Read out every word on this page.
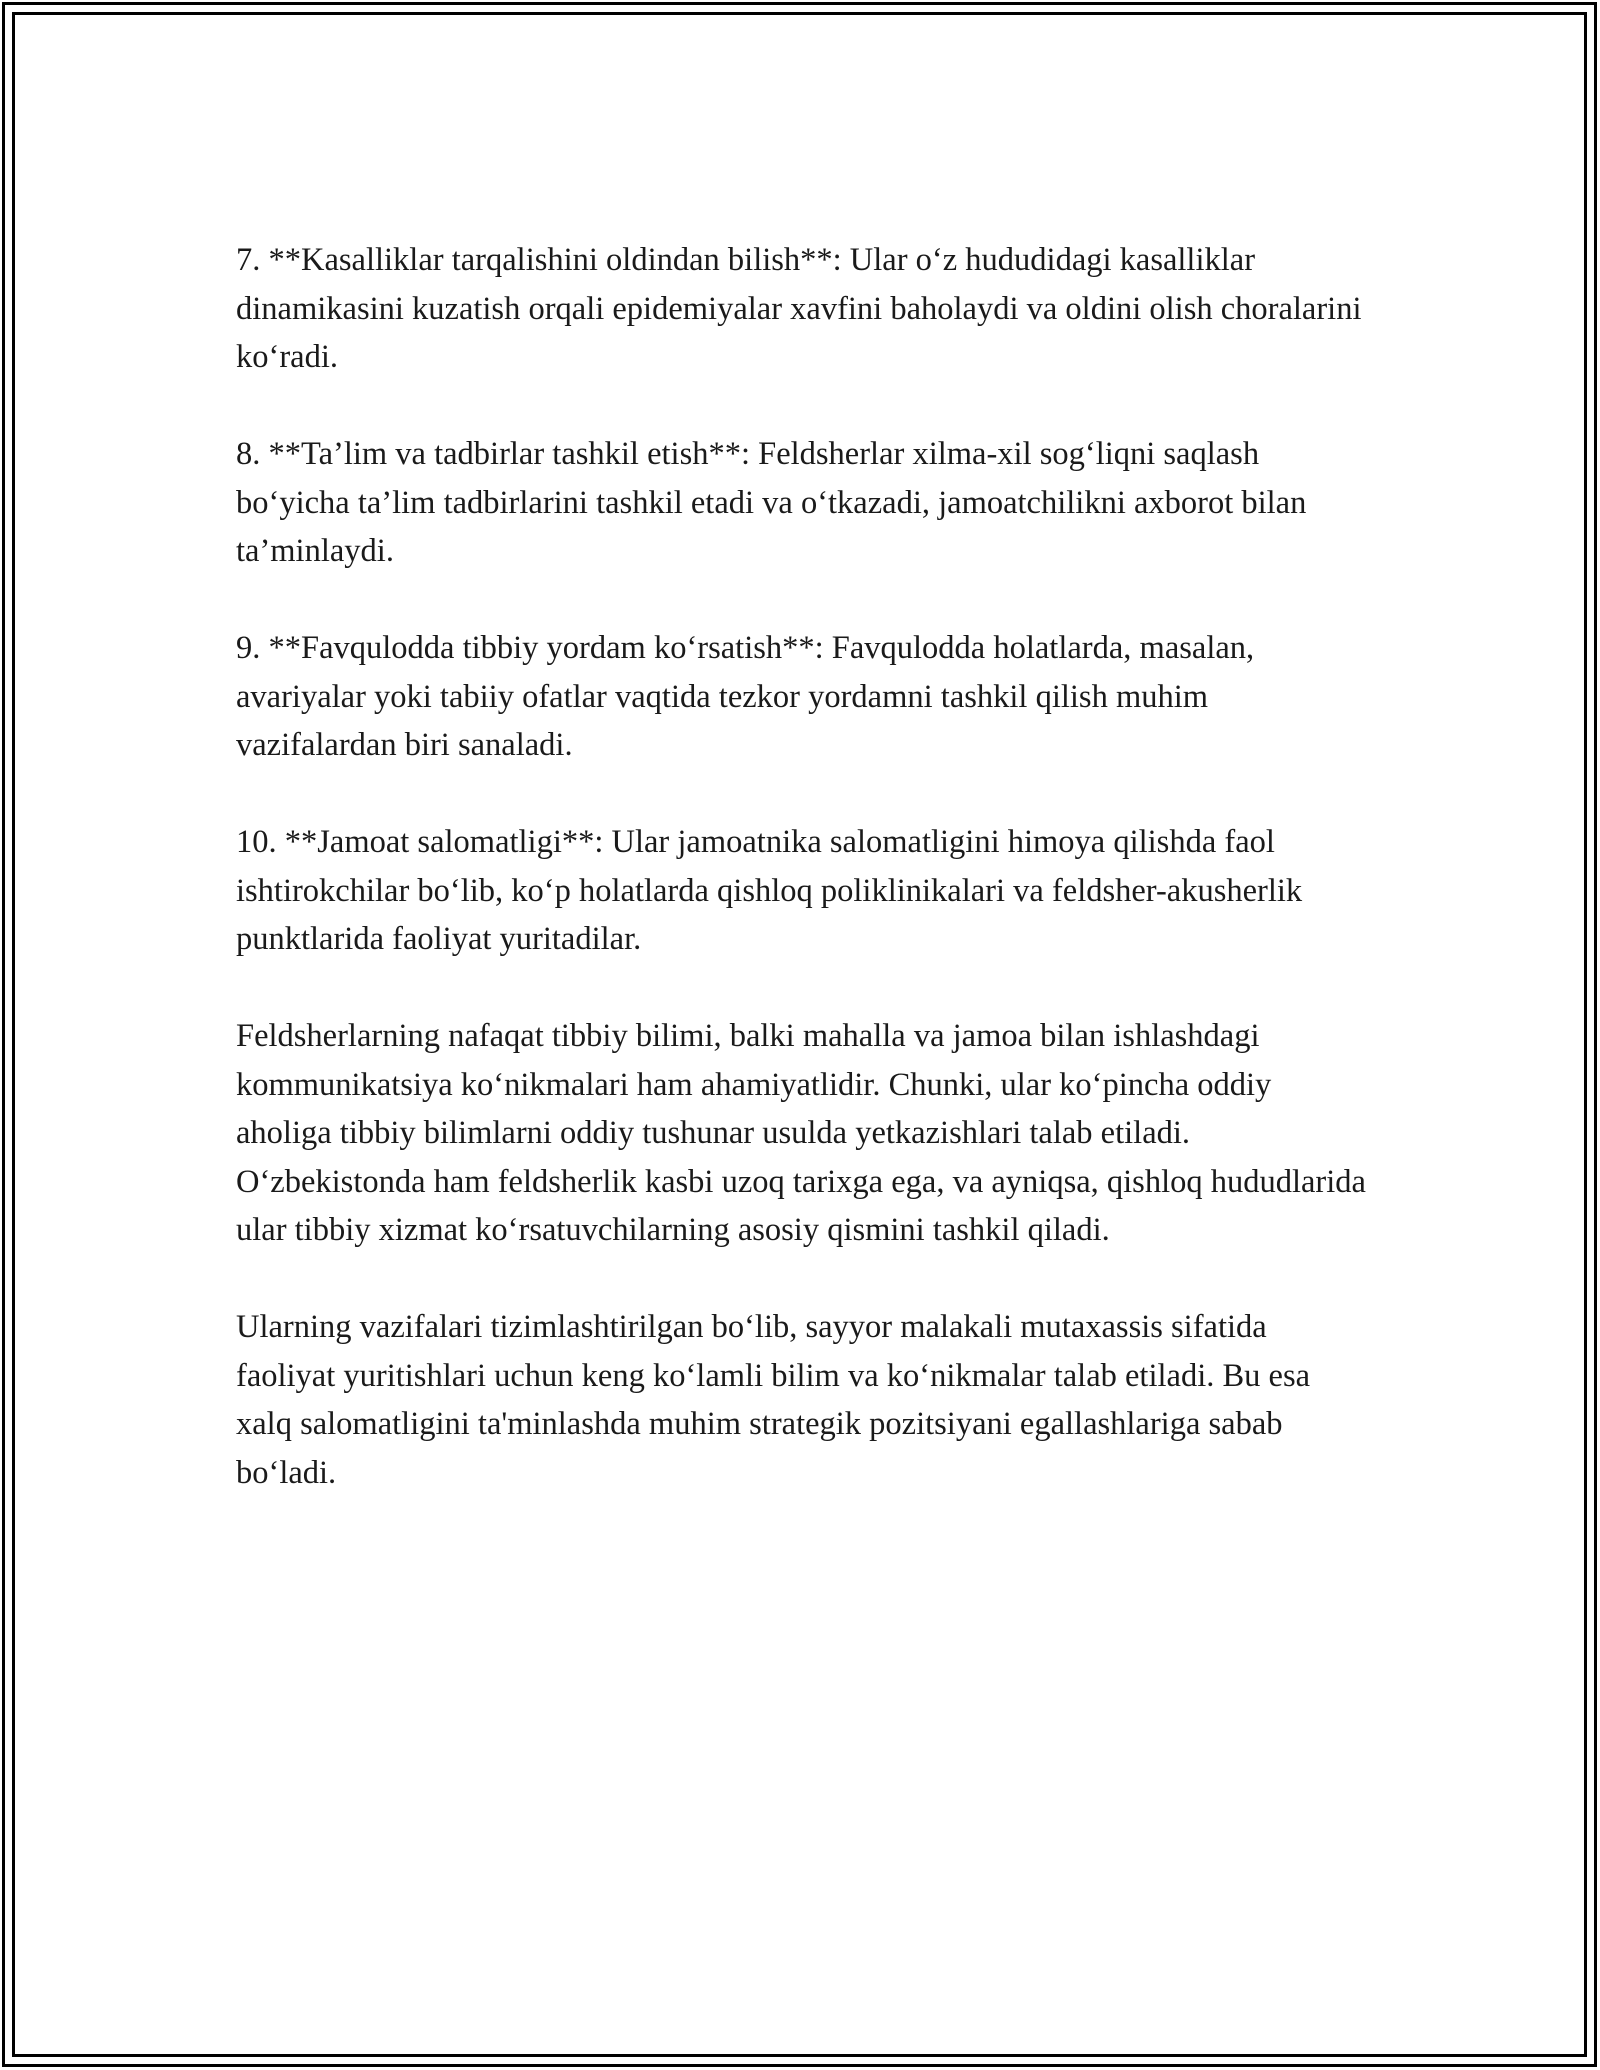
7. **Kasalliklar tarqalishini oldindan bilish**: Ular o‘z hududidagi kasalliklar dinamikasini kuzatish orqali epidemiyalar xavfini baholaydi va oldini olish choralarini ko‘radi.

8. **Ta’lim va tadbirlar tashkil etish**: Feldsherlar xilma-xil sog‘liqni saqlash bo‘yicha ta’lim tadbirlarini tashkil etadi va o‘tkazadi, jamoatchilikni axborot bilan ta’minlaydi.

9. **Favqulodda tibbiy yordam ko‘rsatish**: Favqulodda holatlarda, masalan, avariyalar yoki tabiiy ofatlar vaqtida tezkor yordamni tashkil qilish muhim vazifalardan biri sanaladi.

10. **Jamoat salomatligi**: Ular jamoatnika salomatligini himoya qilishda faol ishtirokchilar bo‘lib, ko‘p holatlarda qishloq poliklinikalari va feldsher-akusherlik punktlarida faoliyat yuritadilar.

Feldsherlarning nafaqat tibbiy bilimi, balki mahalla va jamoa bilan ishlashdagi kommunikatsiya ko‘nikmalari ham ahamiyatlidir. Chunki, ular ko‘pincha oddiy aholiga tibbiy bilimlarni oddiy tushunar usulda yetkazishlari talab etiladi. O‘zbekistonda ham feldsherlik kasbi uzoq tarixga ega, va ayniqsa, qishloq hududlarida ular tibbiy xizmat ko‘rsatuvchilarning asosiy qismini tashkil qiladi.

Ularning vazifalari tizimlashtirilgan bo‘lib, sayyor malakali mutaxassis sifatida faoliyat yuritishlari uchun keng ko‘lamli bilim va ko‘nikmalar talab etiladi. Bu esa xalq salomatligini ta'minlashda muhim strategik pozitsiyani egallashlariga sabab bo‘ladi.
